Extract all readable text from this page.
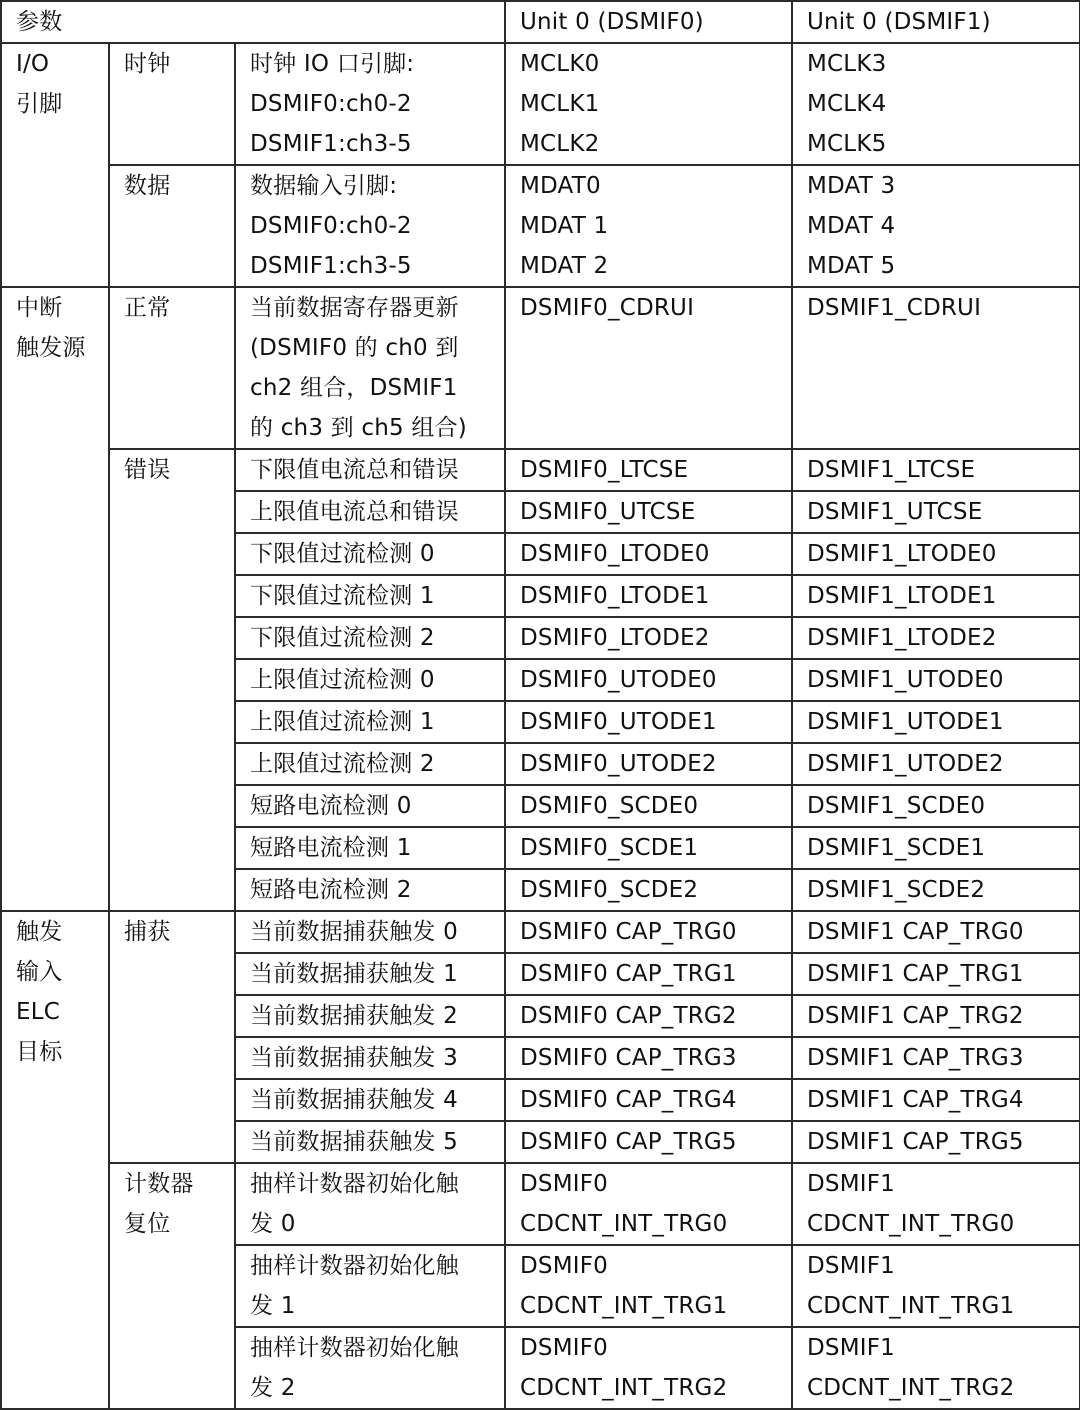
参数			Unit 0 (DSMIF0)	Unit 0 (DSMIF1)

I/O
引脚	时钟	时钟 IO 口引脚:
DSMIF0:ch0-2
DSMIF1:ch3-5	MCLK0
MCLK1
MCLK2	MCLK3
MCLK4
MCLK5

	数据	数据输入引脚:
DSMIF0:ch0-2
DSMIF1:ch3-5	MDAT0
MDAT 1
MDAT 2	MDAT 3
MDAT 4
MDAT 5

中断
触发源	正常	当前数据寄存器更新
(DSMIF0 的 ch0 到
ch2 组合，DSMIF1
的 ch3 到 ch5 组合)	DSMIF0_CDRUI	DSMIF1_CDRUI
	错误	下限值电流总和错误	DSMIF0_LTCSE	DSMIF1_LTCSE
		上限值电流总和错误	DSMIF0_UTCSE	DSMIF1_UTCSE
		下限值过流检测 0	DSMIF0_LTODE0	DSMIF1_LTODE0
		下限值过流检测 1	DSMIF0_LTODE1	DSMIF1_LTODE1
		下限值过流检测 2	DSMIF0_LTODE2	DSMIF1_LTODE2
		上限值过流检测 0	DSMIF0_UTODE0	DSMIF1_UTODE0
		上限值过流检测 1	DSMIF0_UTODE1	DSMIF1_UTODE1
		上限值过流检测 2	DSMIF0_UTODE2	DSMIF1_UTODE2
		短路电流检测 0	DSMIF0_SCDE0	DSMIF1_SCDE0
		短路电流检测 1	DSMIF0_SCDE1	DSMIF1_SCDE1
		短路电流检测 2	DSMIF0_SCDE2	DSMIF1_SCDE2

触发
输入
ELC
目标	捕获	当前数据捕获触发 0	DSMIF0 CAP_TRG0	DSMIF1 CAP_TRG0
		当前数据捕获触发 1	DSMIF0 CAP_TRG1	DSMIF1 CAP_TRG1
		当前数据捕获触发 2	DSMIF0 CAP_TRG2	DSMIF1 CAP_TRG2
		当前数据捕获触发 3	DSMIF0 CAP_TRG3	DSMIF1 CAP_TRG3
		当前数据捕获触发 4	DSMIF0 CAP_TRG4	DSMIF1 CAP_TRG4
		当前数据捕获触发 5	DSMIF0 CAP_TRG5	DSMIF1 CAP_TRG5

	计数器
复位	抽样计数器初始化触
发 0	DSMIF0
CDCNT_INT_TRG0	DSMIF1
CDCNT_INT_TRG0

		抽样计数器初始化触
发 1	DSMIF0
CDCNT_INT_TRG1	DSMIF1
CDCNT_INT_TRG1

		抽样计数器初始化触
发 2	DSMIF0
CDCNT_INT_TRG2	DSMIF1
CDCNT_INT_TRG2
